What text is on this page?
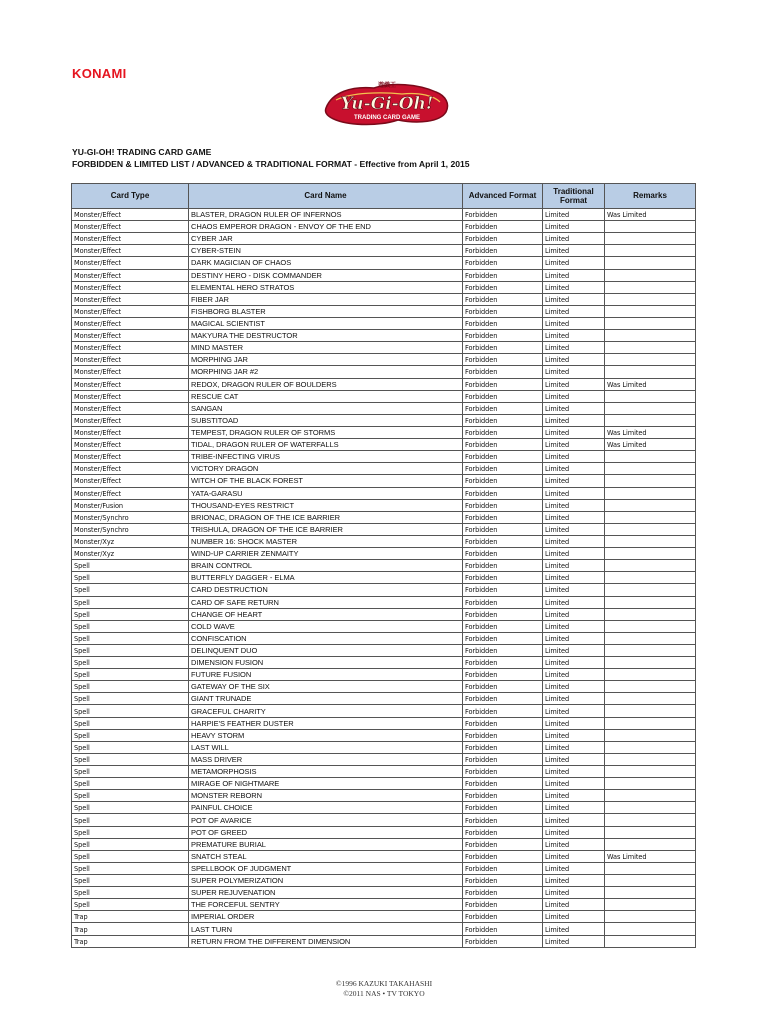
KONAMI
遊戯王
Yu-Gi-Oh!
TRADING CARD GAME
YU-GI-OH! TRADING CARD GAME
FORBIDDEN & LIMITED LIST / ADVANCED & TRADITIONAL FORMAT - Effective from April 1, 2015
Card Type	Card Name	Advanced Format	Traditional Format	Remarks
Monster/Effect	BLASTER, DRAGON RULER OF INFERNOS	Forbidden	Limited	Was Limited
Monster/Effect	CHAOS EMPEROR DRAGON - ENVOY OF THE END	Forbidden	Limited	
Monster/Effect	CYBER JAR	Forbidden	Limited	
Monster/Effect	CYBER-STEIN	Forbidden	Limited	
Monster/Effect	DARK MAGICIAN OF CHAOS	Forbidden	Limited	
Monster/Effect	DESTINY HERO - DISK COMMANDER	Forbidden	Limited	
Monster/Effect	ELEMENTAL HERO STRATOS	Forbidden	Limited	
Monster/Effect	FIBER JAR	Forbidden	Limited	
Monster/Effect	FISHBORG BLASTER	Forbidden	Limited	
Monster/Effect	MAGICAL SCIENTIST	Forbidden	Limited	
Monster/Effect	MAKYURA THE DESTRUCTOR	Forbidden	Limited	
Monster/Effect	MIND MASTER	Forbidden	Limited	
Monster/Effect	MORPHING JAR	Forbidden	Limited	
Monster/Effect	MORPHING JAR #2	Forbidden	Limited	
Monster/Effect	REDOX, DRAGON RULER OF BOULDERS	Forbidden	Limited	Was Limited
Monster/Effect	RESCUE CAT	Forbidden	Limited	
Monster/Effect	SANGAN	Forbidden	Limited	
Monster/Effect	SUBSTITOAD	Forbidden	Limited	
Monster/Effect	TEMPEST, DRAGON RULER OF STORMS	Forbidden	Limited	Was Limited
Monster/Effect	TIDAL, DRAGON RULER OF WATERFALLS	Forbidden	Limited	Was Limited
Monster/Effect	TRIBE-INFECTING VIRUS	Forbidden	Limited	
Monster/Effect	VICTORY DRAGON	Forbidden	Limited	
Monster/Effect	WITCH OF THE BLACK FOREST	Forbidden	Limited	
Monster/Effect	YATA-GARASU	Forbidden	Limited	
Monster/Fusion	THOUSAND-EYES RESTRICT	Forbidden	Limited	
Monster/Synchro	BRIONAC, DRAGON OF THE ICE BARRIER	Forbidden	Limited	
Monster/Synchro	TRISHULA, DRAGON OF THE ICE BARRIER	Forbidden	Limited	
Monster/Xyz	NUMBER 16: SHOCK MASTER	Forbidden	Limited	
Monster/Xyz	WIND-UP CARRIER ZENMAITY	Forbidden	Limited	
Spell	BRAIN CONTROL	Forbidden	Limited	
Spell	BUTTERFLY DAGGER - ELMA	Forbidden	Limited	
Spell	CARD DESTRUCTION	Forbidden	Limited	
Spell	CARD OF SAFE RETURN	Forbidden	Limited	
Spell	CHANGE OF HEART	Forbidden	Limited	
Spell	COLD WAVE	Forbidden	Limited	
Spell	CONFISCATION	Forbidden	Limited	
Spell	DELINQUENT DUO	Forbidden	Limited	
Spell	DIMENSION FUSION	Forbidden	Limited	
Spell	FUTURE FUSION	Forbidden	Limited	
Spell	GATEWAY OF THE SIX	Forbidden	Limited	
Spell	GIANT TRUNADE	Forbidden	Limited	
Spell	GRACEFUL CHARITY	Forbidden	Limited	
Spell	HARPIE'S FEATHER DUSTER	Forbidden	Limited	
Spell	HEAVY STORM	Forbidden	Limited	
Spell	LAST WILL	Forbidden	Limited	
Spell	MASS DRIVER	Forbidden	Limited	
Spell	METAMORPHOSIS	Forbidden	Limited	
Spell	MIRAGE OF NIGHTMARE	Forbidden	Limited	
Spell	MONSTER REBORN	Forbidden	Limited	
Spell	PAINFUL CHOICE	Forbidden	Limited	
Spell	POT OF AVARICE	Forbidden	Limited	
Spell	POT OF GREED	Forbidden	Limited	
Spell	PREMATURE BURIAL	Forbidden	Limited	
Spell	SNATCH STEAL	Forbidden	Limited	Was Limited
Spell	SPELLBOOK OF JUDGMENT	Forbidden	Limited	
Spell	SUPER POLYMERIZATION	Forbidden	Limited	
Spell	SUPER REJUVENATION	Forbidden	Limited	
Spell	THE FORCEFUL SENTRY	Forbidden	Limited	
Trap	IMPERIAL ORDER	Forbidden	Limited	
Trap	LAST TURN	Forbidden	Limited	
Trap	RETURN FROM THE DIFFERENT DIMENSION	Forbidden	Limited	
©1996 KAZUKI TAKAHASHI
©2011 NAS • TV TOKYO
